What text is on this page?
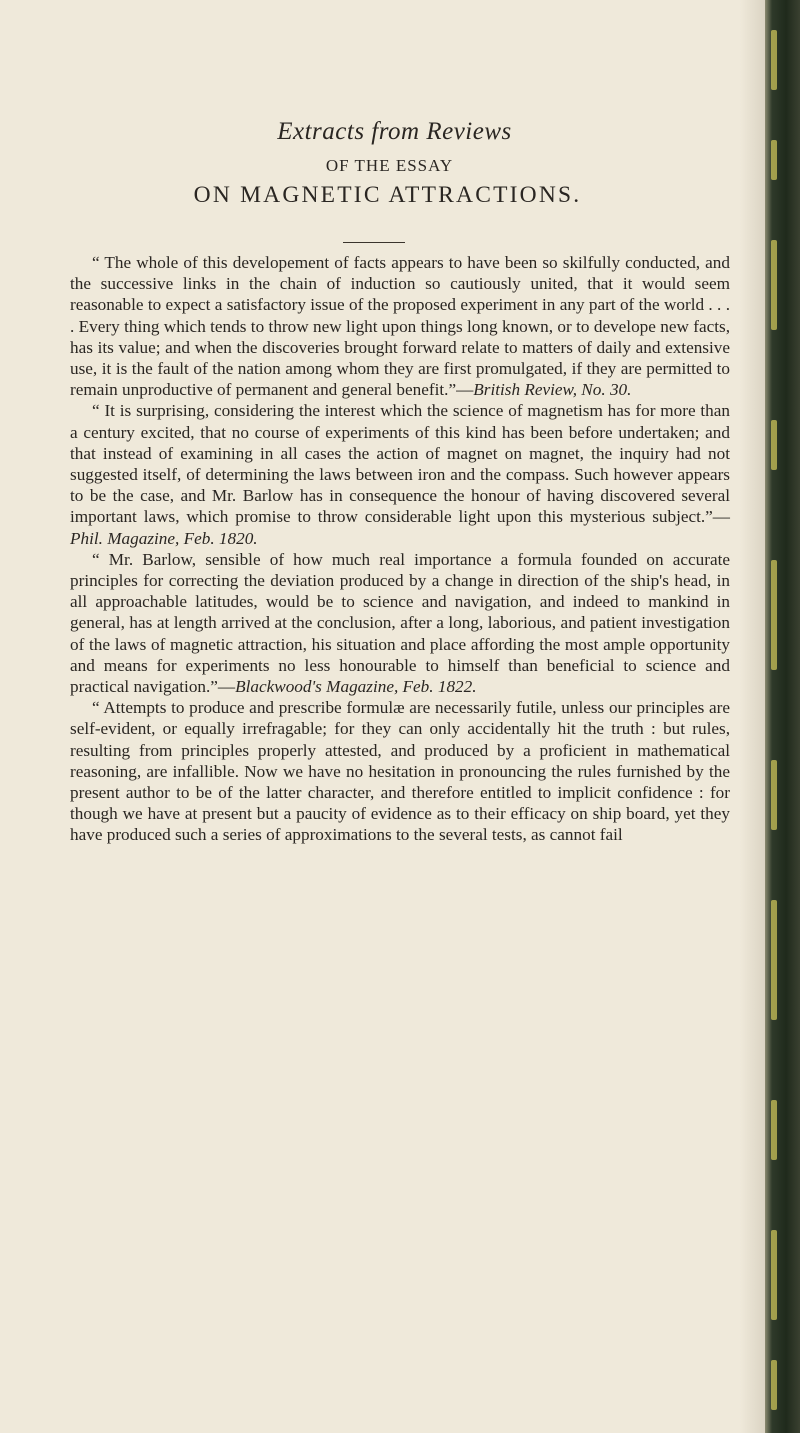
Extracts from Reviews
OF THE ESSAY
ON MAGNETIC ATTRACTIONS.

“ The whole of this developement of facts appears to have been so skilfully conducted, and the successive links in the chain of induction so cautiously united, that it would seem reasonable to expect a satisfactory issue of the proposed experiment in any part of the world . . . . Every thing which tends to throw new light upon things long known, or to develope new facts, has its value; and when the discoveries brought forward relate to matters of daily and extensive use, it is the fault of the nation among whom they are first promulgated, if they are permitted to remain unproductive of permanent and general benefit.”—British Review, No. 30.

“ It is surprising, considering the interest which the science of magnetism has for more than a century excited, that no course of experiments of this kind has been before undertaken; and that instead of examining in all cases the action of magnet on magnet, the inquiry had not suggested itself, of determining the laws between iron and the compass. Such however appears to be the case, and Mr. Barlow has in consequence the honour of having discovered several important laws, which promise to throw considerable light upon this mysterious subject.”—Phil. Magazine, Feb. 1820.

“ Mr. Barlow, sensible of how much real importance a formula founded on accurate principles for correcting the deviation produced by a change in direction of the ship's head, in all approachable latitudes, would be to science and navigation, and indeed to mankind in general, has at length arrived at the conclusion, after a long, laborious, and patient investigation of the laws of magnetic attraction, his situation and place affording the most ample opportunity and means for experiments no less honourable to himself than beneficial to science and practical navigation.”—Blackwood's Magazine, Feb. 1822.

“ Attempts to produce and prescribe formulæ are necessarily futile, unless our principles are self-evident, or equally irrefragable; for they can only accidentally hit the truth : but rules, resulting from principles properly attested, and produced by a proficient in mathematical reasoning, are infallible. Now we have no hesitation in pronouncing the rules furnished by the present author to be of the latter character, and therefore entitled to implicit confidence : for though we have at present but a paucity of evidence as to their efficacy on ship board, yet they have produced such a series of approximations to the several tests, as cannot fail
